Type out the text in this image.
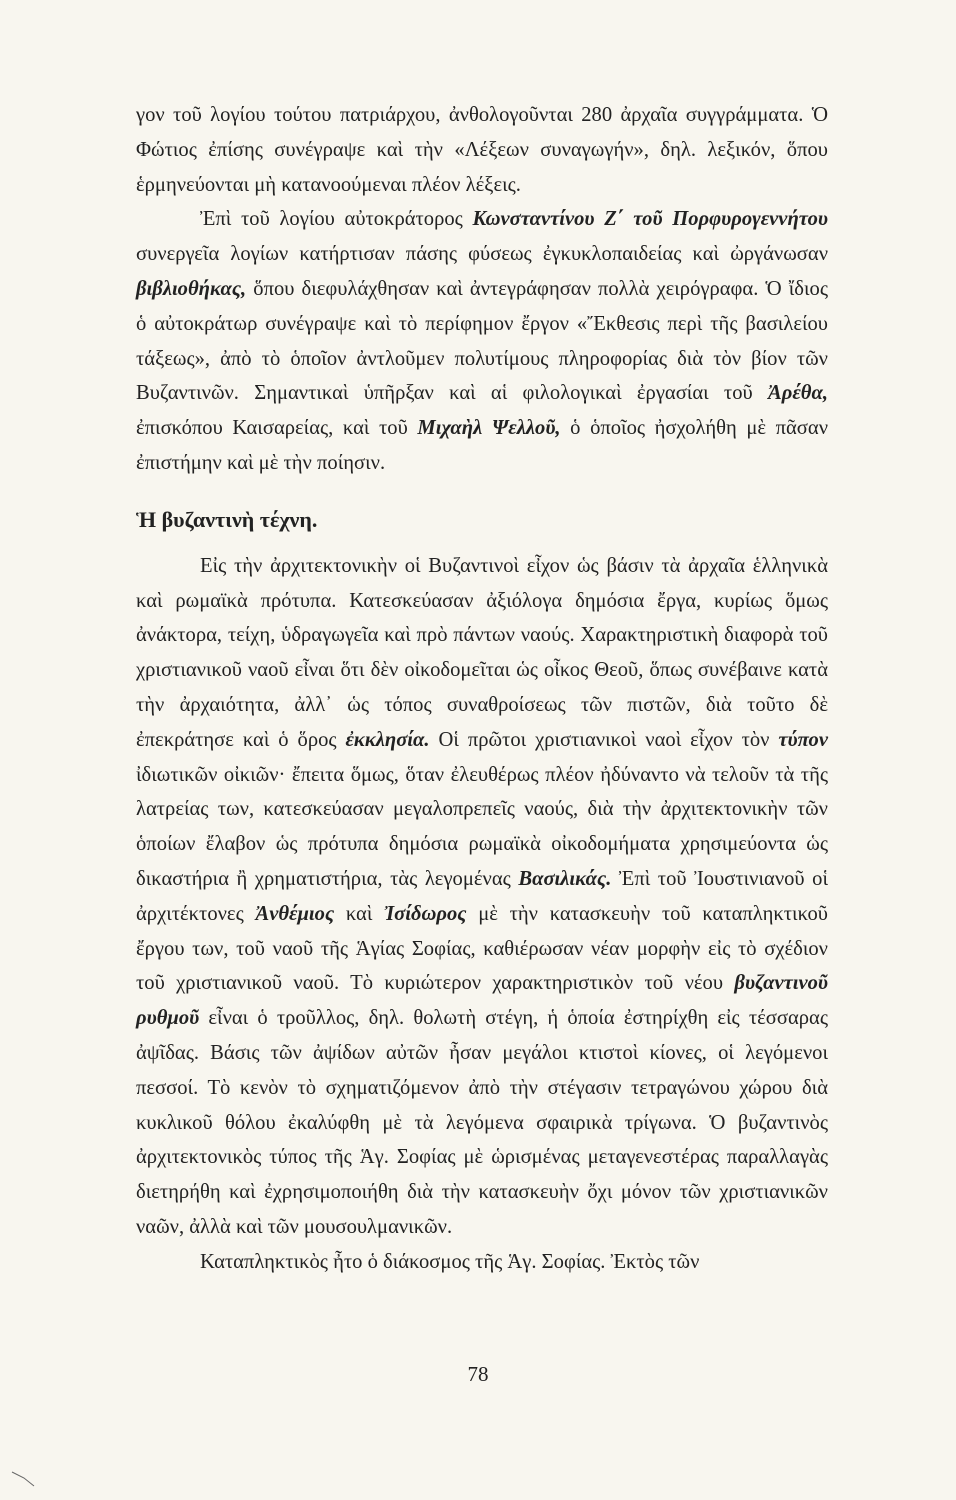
γον τοῦ λογίου τούτου πατριάρχου, ἀνθολογοῦνται 280 ἀρχαῖα συγγράμματα. Ὁ Φώτιος ἐπίσης συνέγραψε καὶ τὴν «Λέξεων συναγωγήν», δηλ. λεξικόν, ὅπου ἑρμηνεύονται μὴ κατανοούμεναι πλέον λέξεις.

Ἐπὶ τοῦ λογίου αὐτοκράτορος Κωνσταντίνου Ζ΄ τοῦ Πορφυρογεννήτου συνεργεῖα λογίων κατήρτισαν πάσης φύσεως ἐγκυκλοπαιδείας καὶ ὠργάνωσαν βιβλιοθήκας, ὅπου διεφυλάχθησαν καὶ ἀντεγράφησαν πολλὰ χειρόγραφα. Ὁ ἴδιος ὁ αὐτοκράτωρ συνέγραψε καὶ τὸ περίφημον ἔργον «Ἔκθεσις περὶ τῆς βασιλείου τάξεως», ἀπὸ τὸ ὁποῖον ἀντλοῦμεν πολυτίμους πληροφορίας διὰ τὸν βίον τῶν Βυζαντινῶν. Σημαντικαὶ ὑπῆρξαν καὶ αἱ φιλολογικαὶ ἐργασίαι τοῦ Ἀρέθα, ἐπισκόπου Καισαρείας, καὶ τοῦ Μιχαὴλ Ψελλοῦ, ὁ ὁποῖος ἠσχολήθη μὲ πᾶσαν ἐπιστήμην καὶ μὲ τὴν ποίησιν.

Ἡ βυζαντινὴ τέχνη.

Εἰς τὴν ἀρχιτεκτονικὴν οἱ Βυζαντινοὶ εἶχον ὡς βάσιν τὰ ἀρχαῖα ἑλληνικὰ καὶ ρωμαϊκὰ πρότυπα. Κατεσκεύασαν ἀξιόλογα δημόσια ἔργα, κυρίως ὅμως ἀνάκτορα, τείχη, ὑδραγωγεῖα καὶ πρὸ πάντων ναούς. Χαρακτηριστικὴ διαφορὰ τοῦ χριστιανικοῦ ναοῦ εἶναι ὅτι δὲν οἰκοδομεῖται ὡς οἶκος Θεοῦ, ὅπως συνέβαινε κατὰ τὴν ἀρχαιότητα, ἀλλ᾿ ὡς τόπος συναθροίσεως τῶν πιστῶν, διὰ τοῦτο δὲ ἐπεκράτησε καὶ ὁ ὅρος ἐκκλησία. Οἱ πρῶτοι χριστιανικοὶ ναοὶ εἶχον τὸν τύπον ἰδιωτικῶν οἰκιῶν· ἔπειτα ὅμως, ὅταν ἐλευθέρως πλέον ἠδύναντο νὰ τελοῦν τὰ τῆς λατρείας των, κατεσκεύασαν μεγαλοπρεπεῖς ναούς, διὰ τὴν ἀρχιτεκτονικὴν τῶν ὁποίων ἔλαβον ὡς πρότυπα δημόσια ρωμαϊκὰ οἰκοδομήματα χρησιμεύοντα ὡς δικαστήρια ἢ χρηματιστήρια, τὰς λεγομένας Βασιλικάς. Ἐπὶ τοῦ Ἰουστινιανοῦ οἱ ἀρχιτέκτονες Ἀνθέμιος καὶ Ἰσίδωρος μὲ τὴν κατασκευὴν τοῦ καταπληκτικοῦ ἔργου των, τοῦ ναοῦ τῆς Ἁγίας Σοφίας, καθιέρωσαν νέαν μορφὴν εἰς τὸ σχέδιον τοῦ χριστιανικοῦ ναοῦ. Τὸ κυριώτερον χαρακτηριστικὸν τοῦ νέου βυζαντινοῦ ρυθμοῦ εἶναι ὁ τροῦλλος, δηλ. θολωτὴ στέγη, ἡ ὁποία ἐστηρίχθη εἰς τέσσαρας ἀψῖδας. Βάσις τῶν ἀψίδων αὐτῶν ἦσαν μεγάλοι κτιστοὶ κίονες, οἱ λεγόμενοι πεσσοί. Τὸ κενὸν τὸ σχηματιζόμενον ἀπὸ τὴν στέγασιν τετραγώνου χώρου διὰ κυκλικοῦ θόλου ἐκαλύφθη μὲ τὰ λεγόμενα σφαιρικὰ τρίγωνα. Ὁ βυζαντινὸς ἀρχιτεκτονικὸς τύπος τῆς Ἁγ. Σοφίας μὲ ὡρισμένας μεταγενεστέρας παραλλαγὰς διετηρήθη καὶ ἐχρησιμοποιήθη διὰ τὴν κατασκευὴν ὄχι μόνον τῶν χριστιανικῶν ναῶν, ἀλλὰ καὶ τῶν μουσουλμανικῶν.

Καταπληκτικὸς ἦτο ὁ διάκοσμος τῆς Ἁγ. Σοφίας. Ἐκτὸς τῶν

78
